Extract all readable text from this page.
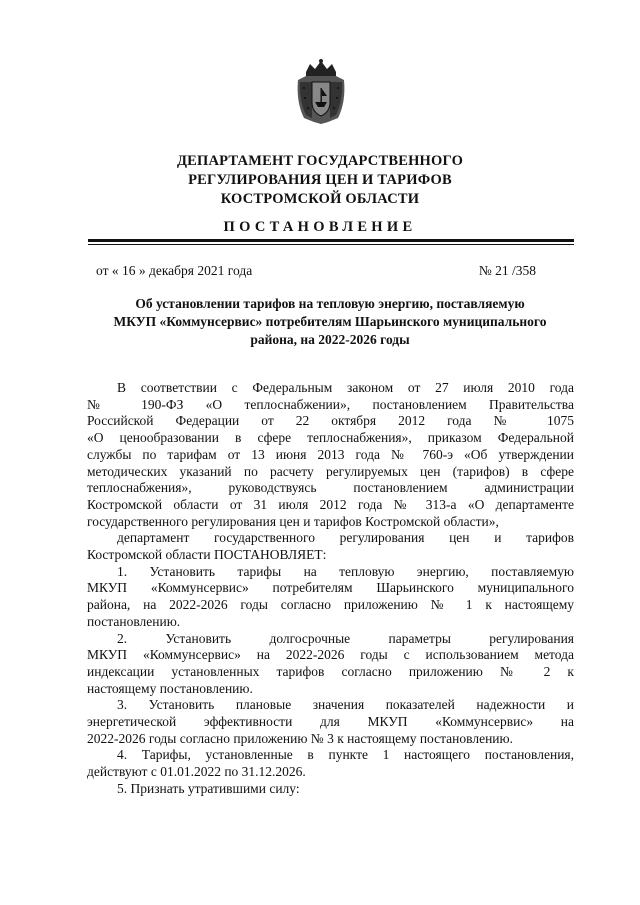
ДЕПАРТАМЕНТ ГОСУДАРСТВЕННОГО
РЕГУЛИРОВАНИЯ ЦЕН И ТАРИФОВ
КОСТРОМСКОЙ ОБЛАСТИ
ПОСТАНОВЛЕНИЕ
от « 16 » декабря 2021 года	№ 21 /358
Об установлении тарифов на тепловую энергию, поставляемую
МКУП «Коммунсервис» потребителям Шарьинского муниципального
района, на 2022-2026 годы
В соответствии с Федеральным законом от 27 июля 2010 года
№ 190-ФЗ «О теплоснабжении», постановлением Правительства
Российской Федерации от 22 октября 2012 года № 1075
«О ценообразовании в сфере теплоснабжения», приказом Федеральной
службы по тарифам от 13 июня 2013 года № 760-э «Об утверждении
методических указаний по расчету регулируемых цен (тарифов) в сфере
теплоснабжения», руководствуясь постановлением администрации
Костромской области от 31 июля 2012 года № 313-а «О департаменте
государственного регулирования цен и тарифов Костромской области»,
департамент государственного регулирования цен и тарифов
Костромской области ПОСТАНОВЛЯЕТ:
1. Установить тарифы на тепловую энергию, поставляемую
МКУП «Коммунсервис» потребителям Шарьинского муниципального
района, на 2022-2026 годы согласно приложению № 1 к настоящему
постановлению.
2. Установить долгосрочные параметры регулирования
МКУП «Коммунсервис» на 2022-2026 годы с использованием метода
индексации установленных тарифов согласно приложению № 2 к
настоящему постановлению.
3. Установить плановые значения показателей надежности и
энергетической эффективности для МКУП «Коммунсервис» на
2022-2026 годы согласно приложению № 3 к настоящему постановлению.
4. Тарифы, установленные в пункте 1 настоящего постановления,
действуют с 01.01.2022 по 31.12.2026.
5. Признать утратившими силу:
